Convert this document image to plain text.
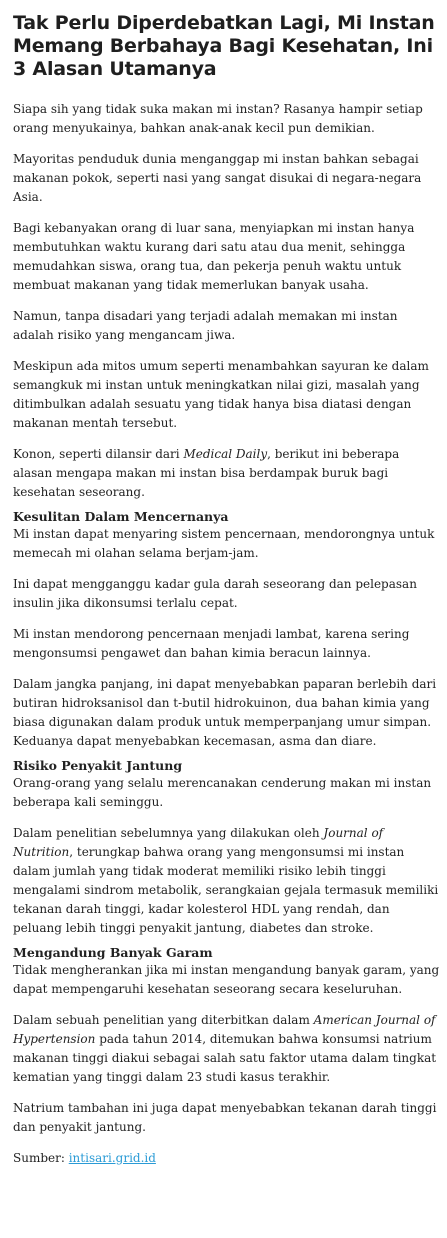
Tak Perlu Diperdebatkan Lagi, Mi Instan Memang Berbahaya Bagi Kesehatan, Ini 3 Alasan Utamanya

Siapa sih yang tidak suka makan mi instan? Rasanya hampir setiap orang menyukainya, bahkan anak-anak kecil pun demikian.

Mayoritas penduduk dunia menganggap mi instan bahkan sebagai makanan pokok, seperti nasi yang sangat disukai di negara-negara Asia.

Bagi kebanyakan orang di luar sana, menyiapkan mi instan hanya membutuhkan waktu kurang dari satu atau dua menit, sehingga memudahkan siswa, orang tua, dan pekerja penuh waktu untuk membuat makanan yang tidak memerlukan banyak usaha.

Namun, tanpa disadari yang terjadi adalah memakan mi instan adalah risiko yang mengancam jiwa.

Meskipun ada mitos umum seperti menambahkan sayuran ke dalam semangkuk mi instan untuk meningkatkan nilai gizi, masalah yang ditimbulkan adalah sesuatu yang tidak hanya bisa diatasi dengan makanan mentah tersebut.

Konon, seperti dilansir dari Medical Daily, berikut ini beberapa alasan mengapa makan mi instan bisa berdampak buruk bagi kesehatan seseorang.

Kesulitan Dalam Mencernanya

Mi instan dapat menyaring sistem pencernaan, mendorongnya untuk memecah mi olahan selama berjam-jam.

Ini dapat mengganggu kadar gula darah seseorang dan pelepasan insulin jika dikonsumsi terlalu cepat.

Mi instan mendorong pencernaan menjadi lambat, karena sering mengonsumsi pengawet dan bahan kimia beracun lainnya.

Dalam jangka panjang, ini dapat menyebabkan paparan berlebih dari butiran hidroksanisol dan t-butil hidrokuinon, dua bahan kimia yang biasa digunakan dalam produk untuk memperpanjang umur simpan. Keduanya dapat menyebabkan kecemasan, asma dan diare.

Risiko Penyakit Jantung

Orang-orang yang selalu merencanakan cenderung makan mi instan beberapa kali seminggu.

Dalam penelitian sebelumnya yang dilakukan oleh Journal of Nutrition, terungkap bahwa orang yang mengonsumsi mi instan dalam jumlah yang tidak moderat memiliki risiko lebih tinggi mengalami sindrom metabolik, serangkaian gejala termasuk memiliki tekanan darah tinggi, kadar kolesterol HDL yang rendah, dan peluang lebih tinggi penyakit jantung, diabetes dan stroke.

Mengandung Banyak Garam

Tidak mengherankan jika mi instan mengandung banyak garam, yang dapat mempengaruhi kesehatan seseorang secara keseluruhan.

Dalam sebuah penelitian yang diterbitkan dalam American Journal of Hypertension pada tahun 2014, ditemukan bahwa konsumsi natrium makanan tinggi diakui sebagai salah satu faktor utama dalam tingkat kematian yang tinggi dalam 23 studi kasus terakhir.

Natrium tambahan ini juga dapat menyebabkan tekanan darah tinggi dan penyakit jantung.

Sumber: intisari.grid.id
